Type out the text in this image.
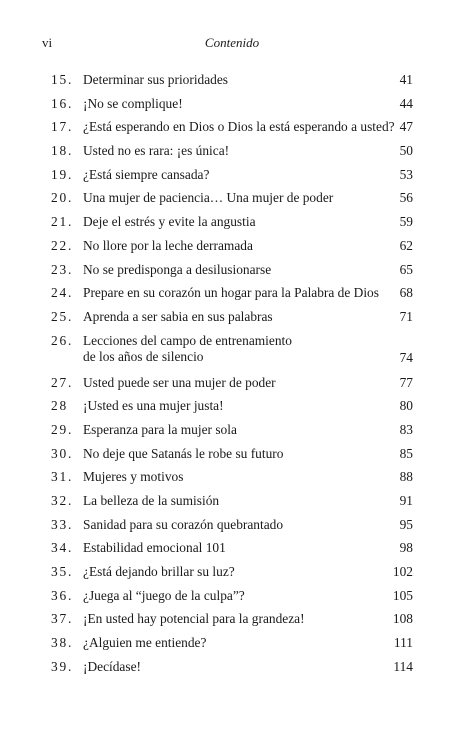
vi	Contenido
15. Determinar sus prioridades	41
16. ¡No se complique!	44
17. ¿Está esperando en Dios o Dios la está esperando a usted? 47
18. Usted no es rara: ¡es única!	50
19. ¿Está siempre cansada?	53
20. Una mujer de paciencia… Una mujer de poder	56
21. Deje el estrés y evite la angustia	59
22. No llore por la leche derramada	62
23. No se predisponga a desilusionarse	65
24. Prepare en su corazón un hogar para la Palabra de Dios	68
25. Aprenda a ser sabia en sus palabras	71
26. Lecciones del campo de entrenamiento
de los años de silencio	74
27. Usted puede ser una mujer de poder	77
28 ¡Usted es una mujer justa!	80
29. Esperanza para la mujer sola	83
30. No deje que Satanás le robe su futuro	85
31. Mujeres y motivos	88
32. La belleza de la sumisión	91
33. Sanidad para su corazón quebrantado	95
34. Estabilidad emocional 101	98
35. ¿Está dejando brillar su luz?	102
36. ¿Juega al “juego de la culpa”?	105
37. ¡En usted hay potencial para la grandeza!	108
38. ¿Alguien me entiende?	111
39. ¡Decídase!	114
